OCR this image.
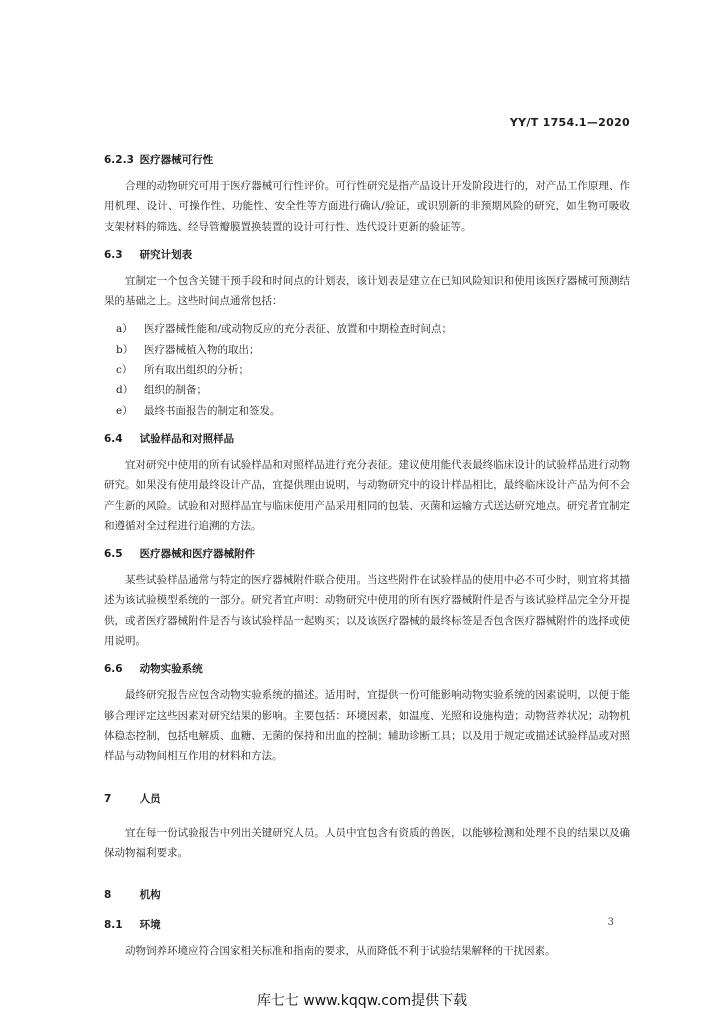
YY/T 1754.1—2020
6.2.3 医疗器械可行性

合理的动物研究可用于医疗器械可行性评价。可行性研究是指产品设计开发阶段进行的，对产品工作原理、作用机理、设计、可操作性、功能性、安全性等方面进行确认/验证，或识别新的非预期风险的研究，如生物可吸收支架材料的筛选、经导管瓣膜置换装置的设计可行性、迭代设计更新的验证等。

6.3 研究计划表

宜制定一个包含关键干预手段和时间点的计划表，该计划表是建立在已知风险知识和使用该医疗器械可预测结果的基础之上。这些时间点通常包括：

a） 医疗器械性能和/或动物反应的充分表征、放置和中期检查时间点；
b） 医疗器械植入物的取出；
c） 所有取出组织的分析；
d） 组织的制备；
e） 最终书面报告的制定和签发。
6.4 试验样品和对照样品

宜对研究中使用的所有试验样品和对照样品进行充分表征。建议使用能代表最终临床设计的试验样品进行动物研究。如果没有使用最终设计产品，宜提供理由说明，与动物研究中的设计样品相比，最终临床设计产品为何不会产生新的风险。试验和对照样品宜与临床使用产品采用相同的包装、灭菌和运输方式送达研究地点。研究者宜制定和遵循对全过程进行追溯的方法。

6.5 医疗器械和医疗器械附件

某些试验样品通常与特定的医疗器械附件联合使用。当这些附件在试验样品的使用中必不可少时，则宜将其描述为该试验模型系统的一部分。研究者宜声明：动物研究中使用的所有医疗器械附件是否与该试验样品完全分开提供，或者医疗器械附件是否与该试验样品一起购买；以及该医疗器械的最终标签是否包含医疗器械附件的选择或使用说明。

6.6 动物实验系统

最终研究报告应包含动物实验系统的描述。适用时，宜提供一份可能影响动物实验系统的因素说明，以便于能够合理评定这些因素对研究结果的影响。主要包括：环境因素，如温度、光照和设施构造；动物营养状况；动物机体稳态控制，包括电解质、血糖、无菌的保持和出血的控制；辅助诊断工具；以及用于规定或描述试验样品或对照样品与动物间相互作用的材料和方法。

7	人员

宜在每一份试验报告中列出关键研究人员。人员中宜包含有资质的兽医，以能够检测和处理不良的结果以及确保动物福利要求。

8	机构
8.1 环境

动物饲养环境应符合国家相关标准和指南的要求，从而降低不利于试验结果解释的干扰因素。

3
库七七 www.kqqw.com提供下载
